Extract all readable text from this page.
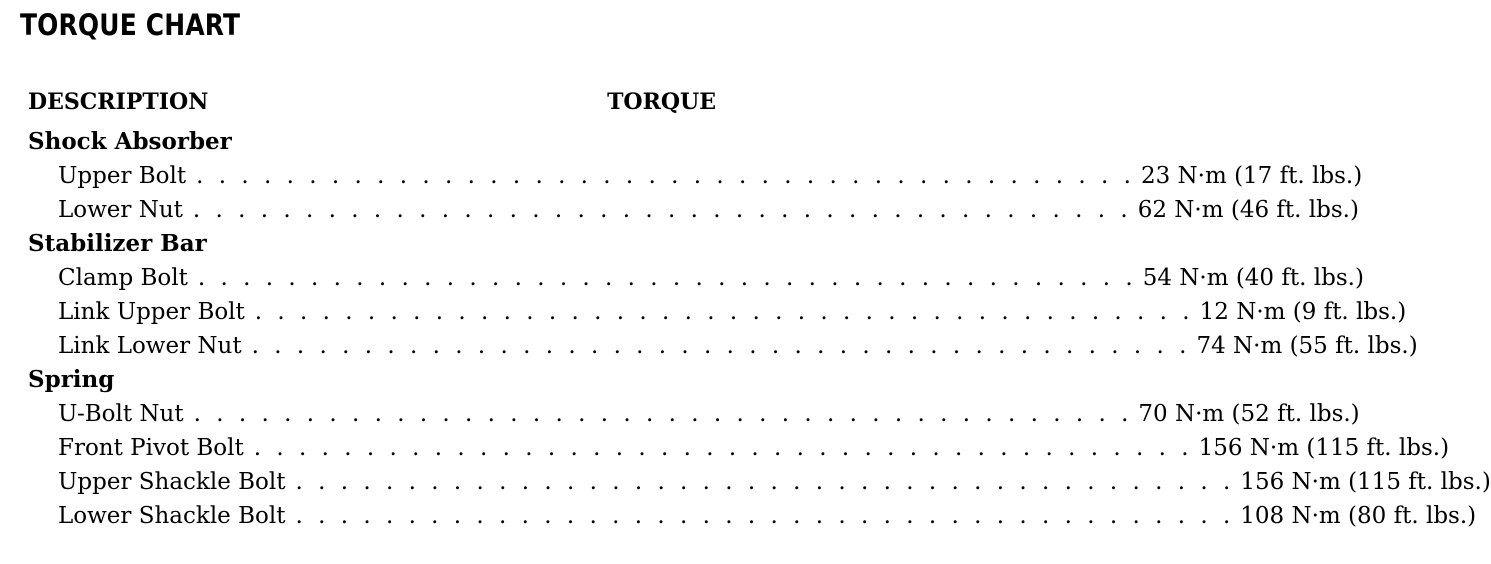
TORQUE CHART
DESCRIPTION	TORQUE
Shock Absorber
Upper Bolt . . . . . . . . . . . . . . . . . . . . . . . . . . . . . . . . . . . . . . . . . . 23 N·m (17 ft. lbs.)
Lower Nut . . . . . . . . . . . . . . . . . . . . . . . . . . . . . . . . . . . . . . . . . . 62 N·m (46 ft. lbs.)
Stabilizer Bar
Clamp Bolt . . . . . . . . . . . . . . . . . . . . . . . . . . . . . . . . . . . . . . . . . . 54 N·m (40 ft. lbs.)
Link Upper Bolt . . . . . . . . . . . . . . . . . . . . . . . . . . . . . . . . . . . . . . . . . . 12 N·m (9 ft. lbs.)
Link Lower Nut . . . . . . . . . . . . . . . . . . . . . . . . . . . . . . . . . . . . . . . . . . 74 N·m (55 ft. lbs.)
Spring
U-Bolt Nut . . . . . . . . . . . . . . . . . . . . . . . . . . . . . . . . . . . . . . . . . . 70 N·m (52 ft. lbs.)
Front Pivot Bolt . . . . . . . . . . . . . . . . . . . . . . . . . . . . . . . . . . . . . . . . . . 156 N·m (115 ft. lbs.)
Upper Shackle Bolt . . . . . . . . . . . . . . . . . . . . . . . . . . . . . . . . . . . . . . . . . . 156 N·m (115 ft. lbs.)
Lower Shackle Bolt . . . . . . . . . . . . . . . . . . . . . . . . . . . . . . . . . . . . . . . . . . 108 N·m (80 ft. lbs.)
